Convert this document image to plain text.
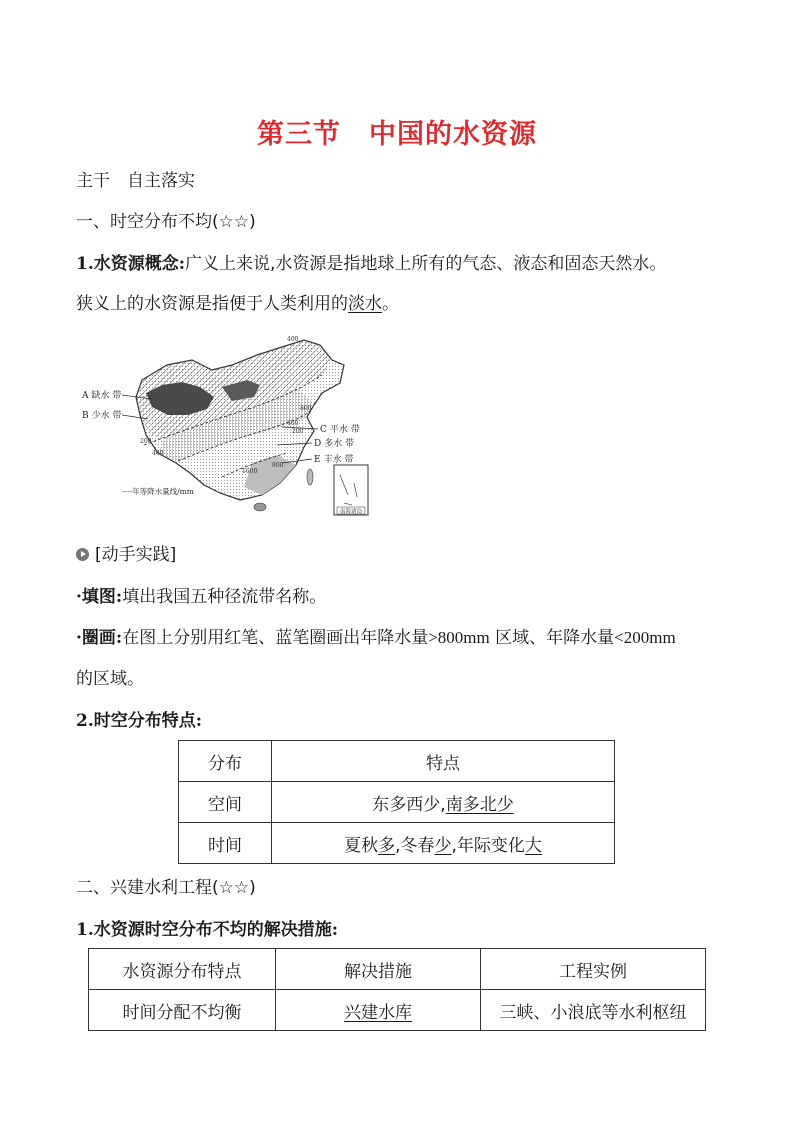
第三节　中国的水资源
主干　自主落实
一、时空分布不均(☆☆)
1.水资源概念:广义上来说,水资源是指地球上所有的气态、液态和固态天然水。
狭义上的水资源是指便于人类利用的淡水。
南海诸岛
400
800
200
400
800
1600
200
400
A 缺水 带
B 少水 带
C 平水 带
D 多水 带
E 丰水 带
----年等降水量线/mm
[动手实践]
·填图:填出我国五种径流带名称。
·圈画:在图上分别用红笔、蓝笔圈画出年降水量>800mm 区域、年降水量<200mm
的区域。
2.时空分布特点:
分布	特点
空间	东多西少,南多北少
时间	夏秋多,冬春少,年际变化大
二、兴建水利工程(☆☆)
1.水资源时空分布不均的解决措施:
水资源分布特点	解决措施	工程实例
时间分配不均衡	兴建水库	三峡、小浪底等水利枢纽
